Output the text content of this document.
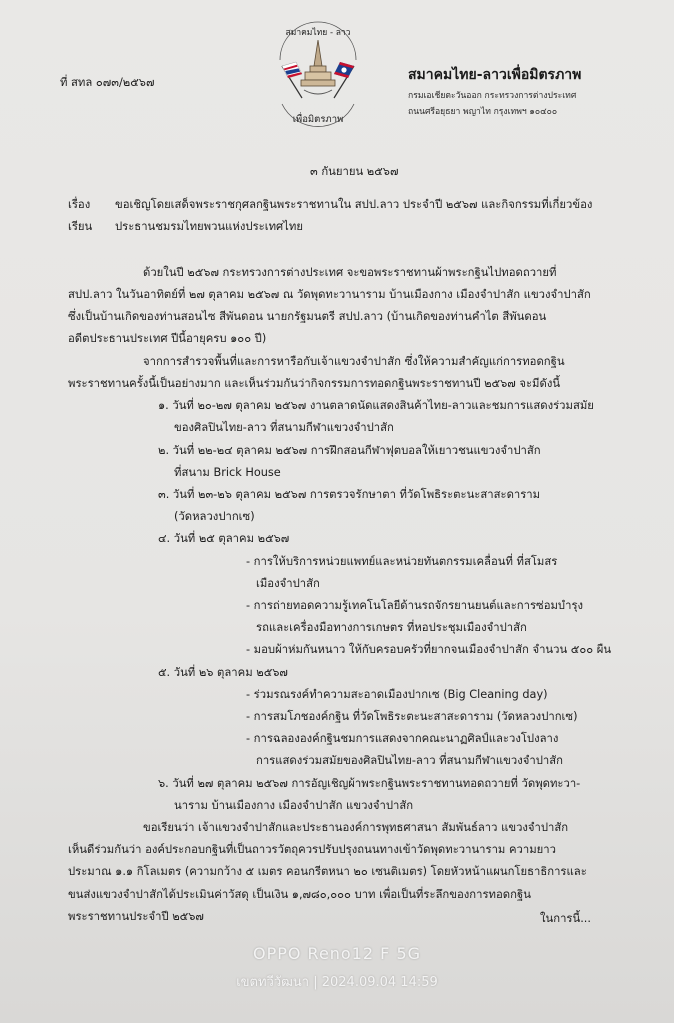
ที่ สทล ๐๗๓/๒๕๖๗
สมาคมไทย - ลาว
เพื่อมิตรภาพ
สมาคมไทย-ลาวเพื่อมิตรภาพ
กรมเอเชียตะวันออก กระทรวงการต่างประเทศ
ถนนศรีอยุธยา พญาไท กรุงเทพฯ ๑๐๔๐๐
๓ กันยายน ๒๕๖๗
เรื่อง ขอเชิญโดยเสด็จพระราชกุศลกฐินพระราชทานใน สปป.ลาว ประจำปี ๒๕๖๗ และกิจกรรมที่เกี่ยวข้อง
เรียน ประธานชมรมไทยพวนแห่งประเทศไทย
ด้วยในปี ๒๕๖๗ กระทรวงการต่างประเทศ จะขอพระราชทานผ้าพระกฐินไปทอดถวายที่
สปป.ลาว ในวันอาทิตย์ที่ ๒๗ ตุลาคม ๒๕๖๗ ณ วัดพุดทะวานาราม บ้านเมืองกาง เมืองจำปาสัก แขวงจำปาสัก
ซึ่งเป็นบ้านเกิดของท่านสอนไซ สีพันดอน นายกรัฐมนตรี สปป.ลาว (บ้านเกิดของท่านคำไต สีพันดอน
อดีตประธานประเทศ ปีนี้อายุครบ ๑๐๐ ปี)
จากการสำรวจพื้นที่และการหารือกับเจ้าแขวงจำปาสัก ซึ่งให้ความสำคัญแก่การทอดกฐิน
พระราชทานครั้งนี้เป็นอย่างมาก และเห็นร่วมกันว่ากิจกรรมการทอดกฐินพระราชทานปี ๒๕๖๗ จะมีดังนี้
๑. วันที่ ๒๐-๒๗ ตุลาคม ๒๕๖๗ งานตลาดนัดแสดงสินค้าไทย-ลาวและชมการแสดงร่วมสมัย
ของศิลปินไทย-ลาว ที่สนามกีฬาแขวงจำปาสัก
๒. วันที่ ๒๒-๒๔ ตุลาคม ๒๕๖๗ การฝึกสอนกีฬาฟุตบอลให้เยาวชนแขวงจำปาสัก
ที่สนาม Brick House
๓. วันที่ ๒๓-๒๖ ตุลาคม ๒๕๖๗ การตรวจรักษาตา ที่วัดโพธิระตะนะสาสะดาราม
(วัดหลวงปากเซ)
๔. วันที่ ๒๕ ตุลาคม ๒๕๖๗
- การให้บริการหน่วยแพทย์และหน่วยทันตกรรมเคลื่อนที่ ที่สโมสร
เมืองจำปาสัก
- การถ่ายทอดความรู้เทคโนโลยีด้านรถจักรยานยนต์และการซ่อมบำรุง
รถและเครื่องมือทางการเกษตร ที่หอประชุมเมืองจำปาสัก
- มอบผ้าห่มกันหนาว ให้กับครอบครัวที่ยากจนเมืองจำปาสัก จำนวน ๕๐๐ ผืน
๕. วันที่ ๒๖ ตุลาคม ๒๕๖๗
- ร่วมรณรงค์ทำความสะอาดเมืองปากเซ (Big Cleaning day)
- การสมโภชองค์กฐิน ที่วัดโพธิระตะนะสาสะดาราม (วัดหลวงปากเซ)
- การฉลององค์กฐินชมการแสดงจากคณะนาฏศิลป์และวงโปงลาง
การแสดงร่วมสมัยของศิลปินไทย-ลาว ที่สนามกีฬาแขวงจำปาสัก
๖. วันที่ ๒๗ ตุลาคม ๒๕๖๗ การอัญเชิญผ้าพระกฐินพระราชทานทอดถวายที่ วัดพุดทะวา-
นาราม บ้านเมืองกาง เมืองจำปาสัก แขวงจำปาสัก
ขอเรียนว่า เจ้าแขวงจำปาสักและประธานองค์การพุทธศาสนา สัมพันธ์ลาว แขวงจำปาสัก
เห็นดีร่วมกันว่า องค์ประกอบกฐินที่เป็นถาวรวัตถุควรปรับปรุงถนนทางเข้าวัดพุดทะวานาราม ความยาว
ประมาณ ๑.๑ กิโลเมตร (ความกว้าง ๕ เมตร คอนกรีตหนา ๒๐ เซนติเมตร) โดยหัวหน้าแผนกโยธาธิการและ
ขนส่งแขวงจำปาสักได้ประเมินค่าวัสดุ เป็นเงิน ๑,๗๘๐,๐๐๐ บาท เพื่อเป็นที่ระลึกของการทอดกฐิน
พระราชทานประจำปี ๒๕๖๗	ในการนี้...
OPPO Reno12 F 5G
เขตทวีวัฒนา | 2024.09.04 14:59
